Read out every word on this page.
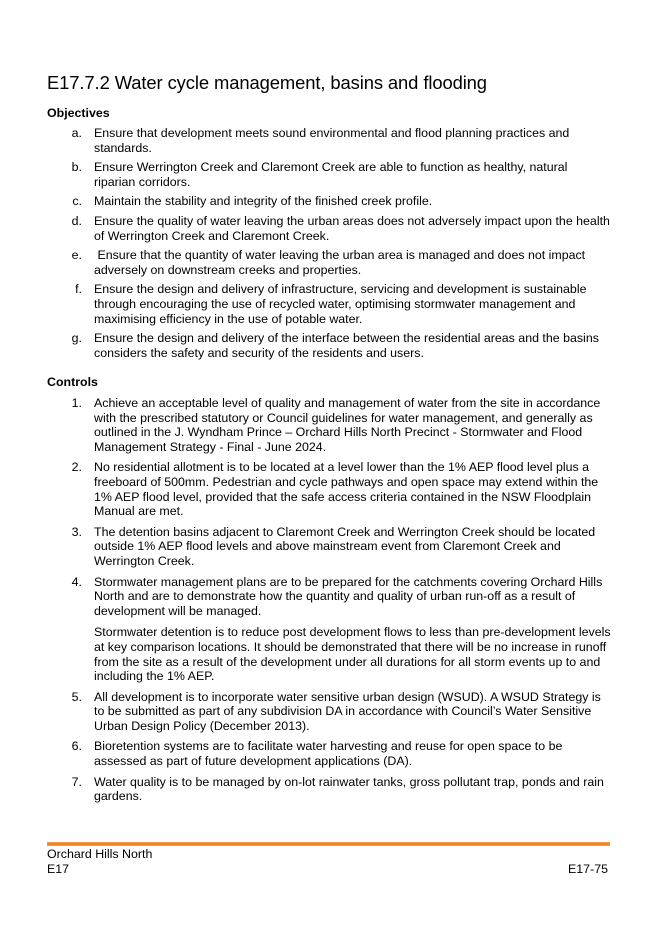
E17.7.2 Water cycle management, basins and flooding
Objectives
a. Ensure that development meets sound environmental and flood planning practices and standards.
b. Ensure Werrington Creek and Claremont Creek are able to function as healthy, natural riparian corridors.
c. Maintain the stability and integrity of the finished creek profile.
d. Ensure the quality of water leaving the urban areas does not adversely impact upon the health of Werrington Creek and Claremont Creek.
e. Ensure that the quantity of water leaving the urban area is managed and does not impact adversely on downstream creeks and properties.
f. Ensure the design and delivery of infrastructure, servicing and development is sustainable through encouraging the use of recycled water, optimising stormwater management and maximising efficiency in the use of potable water.
g. Ensure the design and delivery of the interface between the residential areas and the basins considers the safety and security of the residents and users.
Controls
1. Achieve an acceptable level of quality and management of water from the site in accordance with the prescribed statutory or Council guidelines for water management, and generally as outlined in the J. Wyndham Prince – Orchard Hills North Precinct - Stormwater and Flood Management Strategy - Final - June 2024.
2. No residential allotment is to be located at a level lower than the 1% AEP flood level plus a freeboard of 500mm. Pedestrian and cycle pathways and open space may extend within the 1% AEP flood level, provided that the safe access criteria contained in the NSW Floodplain Manual are met.
3. The detention basins adjacent to Claremont Creek and Werrington Creek should be located outside 1% AEP flood levels and above mainstream event from Claremont Creek and Werrington Creek.
4. Stormwater management plans are to be prepared for the catchments covering Orchard Hills North and are to demonstrate how the quantity and quality of urban run-off as a result of development will be managed.
Stormwater detention is to reduce post development flows to less than pre-development levels at key comparison locations. It should be demonstrated that there will be no increase in runoff from the site as a result of the development under all durations for all storm events up to and including the 1% AEP.
5. All development is to incorporate water sensitive urban design (WSUD). A WSUD Strategy is to be submitted as part of any subdivision DA in accordance with Council’s Water Sensitive Urban Design Policy (December 2013).
6. Bioretention systems are to facilitate water harvesting and reuse for open space to be assessed as part of future development applications (DA).
7. Water quality is to be managed by on-lot rainwater tanks, gross pollutant trap, ponds and rain gardens.
Orchard Hills North
E17	E17-75
